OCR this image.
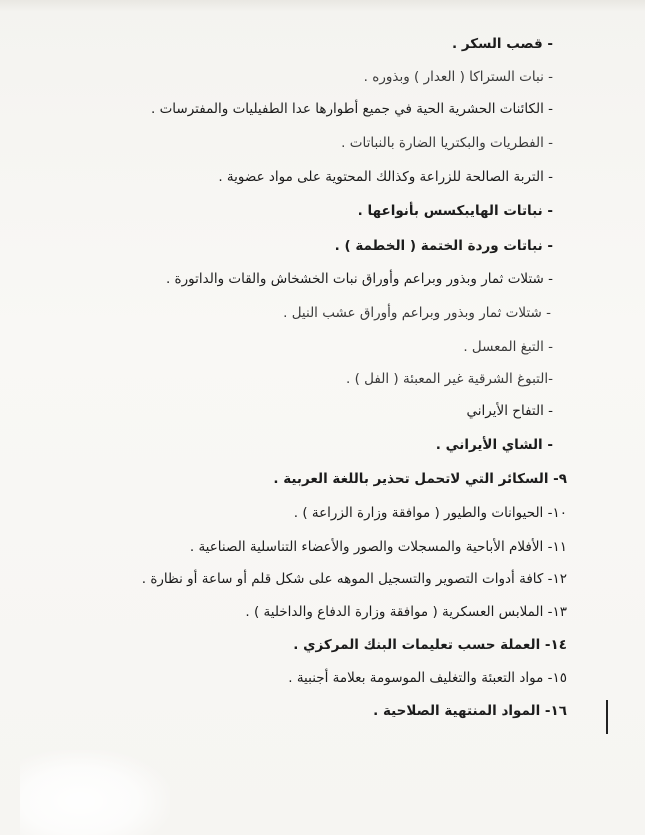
- قصب السكر .
- نبات الستراكا ( العدار ) وبذوره .
- الكائنات الحشرية الحية في جميع أطوارها عدا الطفيليات والمفترسات .
- الفطريات والبكتريا الضارة بالنباتات .
- التربة الصالحة للزراعة وكذالك المحتوية على مواد عضوية .
- نباتات الهايبكسس بأنواعها .
- نباتات وردة الختمة ( الخطمة ) .
- شتلات ثمار وبذور وبراعم وأوراق نبات الخشخاش والقات والداتورة .
- شتلات ثمار وبذور وبراعم وأوراق عشب النيل .
- التبغ المعسل .
-التبوغ الشرقية غير المعبئة ( الفل ) .
- التفاح الأيراني
- الشاي الأيراني .
٩- السكائر التي لاتحمل تحذير باللغة العربية .
١٠- الحيوانات والطيور ( موافقة وزارة الزراعة ) .
١١- الأفلام الأباحية والمسجلات والصور والأعضاء التناسلية الصناعية .
١٢- كافة أدوات التصوير والتسجيل الموهه على شكل قلم أو ساعة أو نظارة .
١٣- الملابس العسكرية ( موافقة وزارة الدفاع والداخلية ) .
١٤- العملة حسب تعليمات البنك المركزي .
١٥- مواد التعبئة والتغليف الموسومة بعلامة أجنبية .
١٦- المواد المنتهية الصلاحية .
